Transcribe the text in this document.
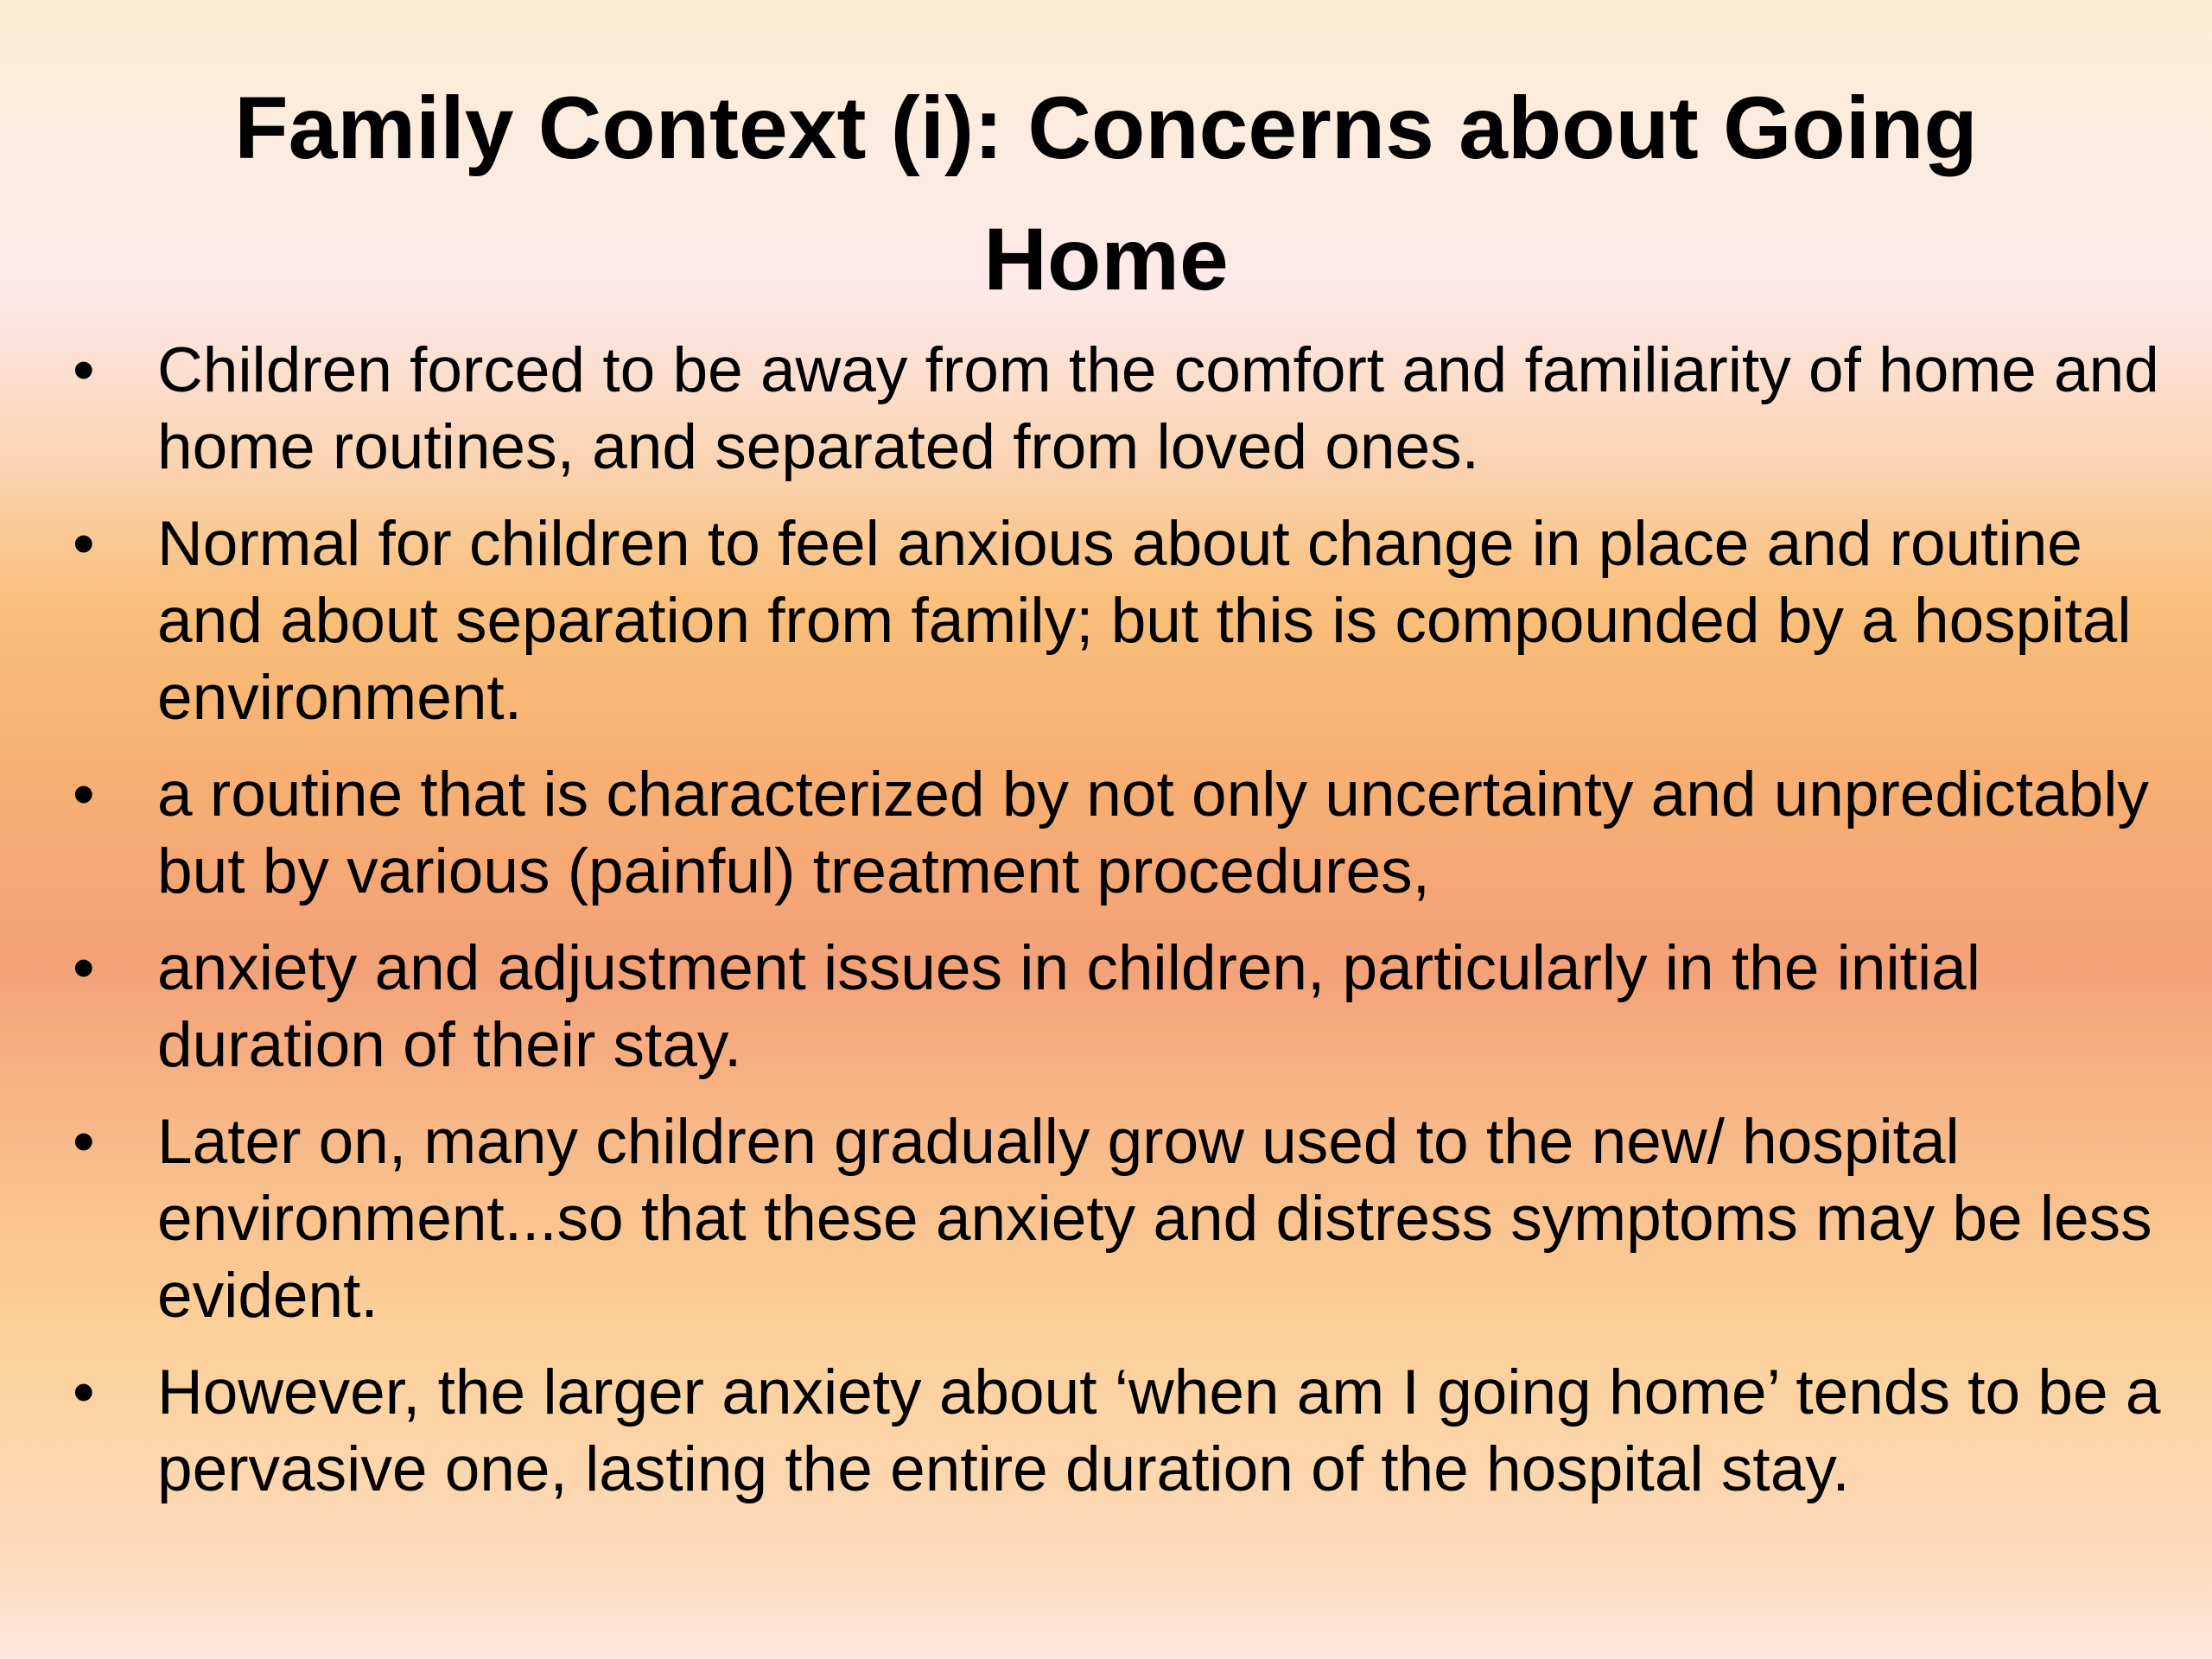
Family Context (i): Concerns about Going Home
• Children forced to be away from the comfort and familiarity of home and home routines, and separated from loved ones.
• Normal for children to feel anxious about change in place and routine and about separation from family; but this is compounded by a hospital environment.
• a routine that is characterized by not only uncertainty and unpredictably but by various (painful) treatment procedures,
• anxiety and adjustment issues in children, particularly in the initial duration of their stay.
• Later on, many children gradually grow used to the new/ hospital environment...so that these anxiety and distress symptoms may be less evident.
• However, the larger anxiety about ‘when am I going home’ tends to be a pervasive one, lasting the entire duration of the hospital stay.
